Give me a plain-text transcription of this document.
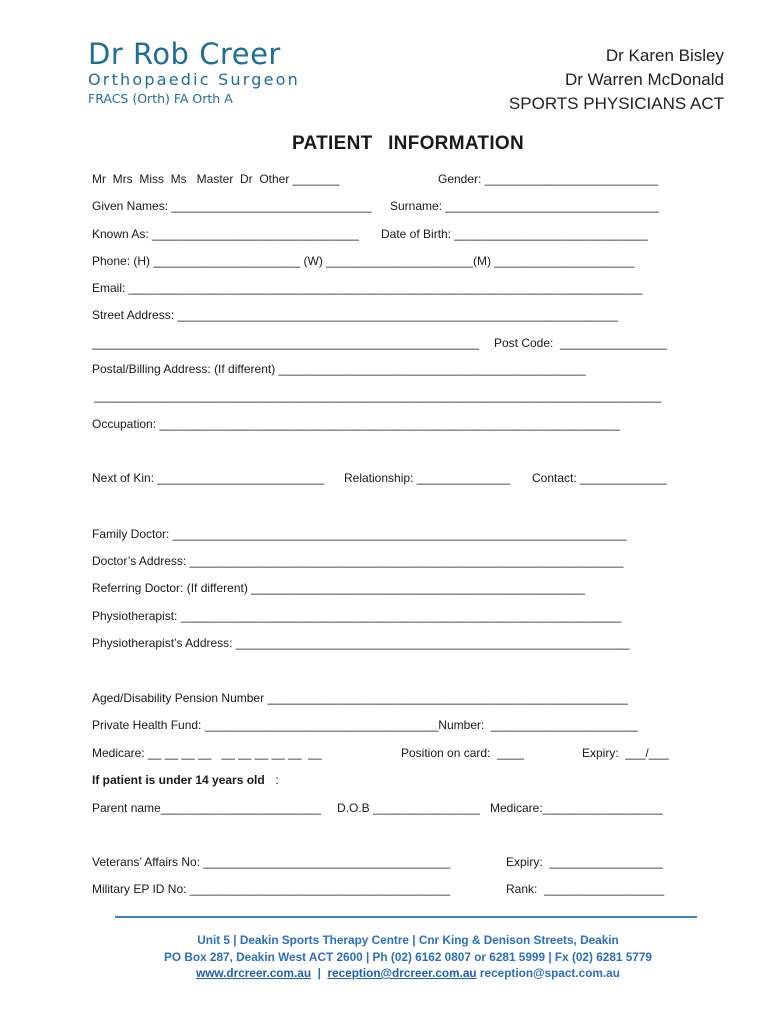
Dr Rob Creer
Orthopaedic Surgeon
FRACS (Orth) FA Orth A
Dr Karen Bisley
Dr Warren McDonald
SPORTS PHYSICIANS ACT
PATIENT INFORMATION
Mr  Mrs  Miss  Ms   Master  Dr  Other _______	Gender: __________________________
Given Names: ______________________________ Surname: ________________________________
Known As: _______________________________ Date of Birth: _____________________________
Phone: (H) ______________________ (W) ______________________(M) _____________________
Email: _____________________________________________________________________________
Street Address: __________________________________________________________________
__________________________________________________________ Post Code:  ________________
Postal/Billing Address: (If different) ______________________________________________
_____________________________________________________________________________________
Occupation: _____________________________________________________________________
Next of Kin: _________________________ Relationship: ______________ Contact: _____________
Family Doctor: ____________________________________________________________________
Doctor’s Address: _________________________________________________________________
Referring Doctor: (If different) __________________________________________________
Physiotherapist: __________________________________________________________________
Physiotherapist’s Address: ___________________________________________________________
Aged/Disability Pension Number ______________________________________________________
Private Health Fund: ___________________________________Number:  ______________________
Medicare: __ __ __ __   __ __ __ __ __  __	Position on card:  ____	Expiry:  ___/___
If patient is under 14 years old :
Parent name________________________ D.O.B ________________ Medicare:__________________
Veterans’ Affairs No: _____________________________________	Expiry:  _________________
Military EP ID No: _______________________________________	Rank:  __________________
Unit 5 | Deakin Sports Therapy Centre | Cnr King & Denison Streets, Deakin
PO Box 287, Deakin West ACT 2600 | Ph (02) 6162 0807 or 6281 5999 | Fx (02) 6281 5779
www.drcreer.com.au  |  reception@drcreer.com.au reception@spact.com.au
